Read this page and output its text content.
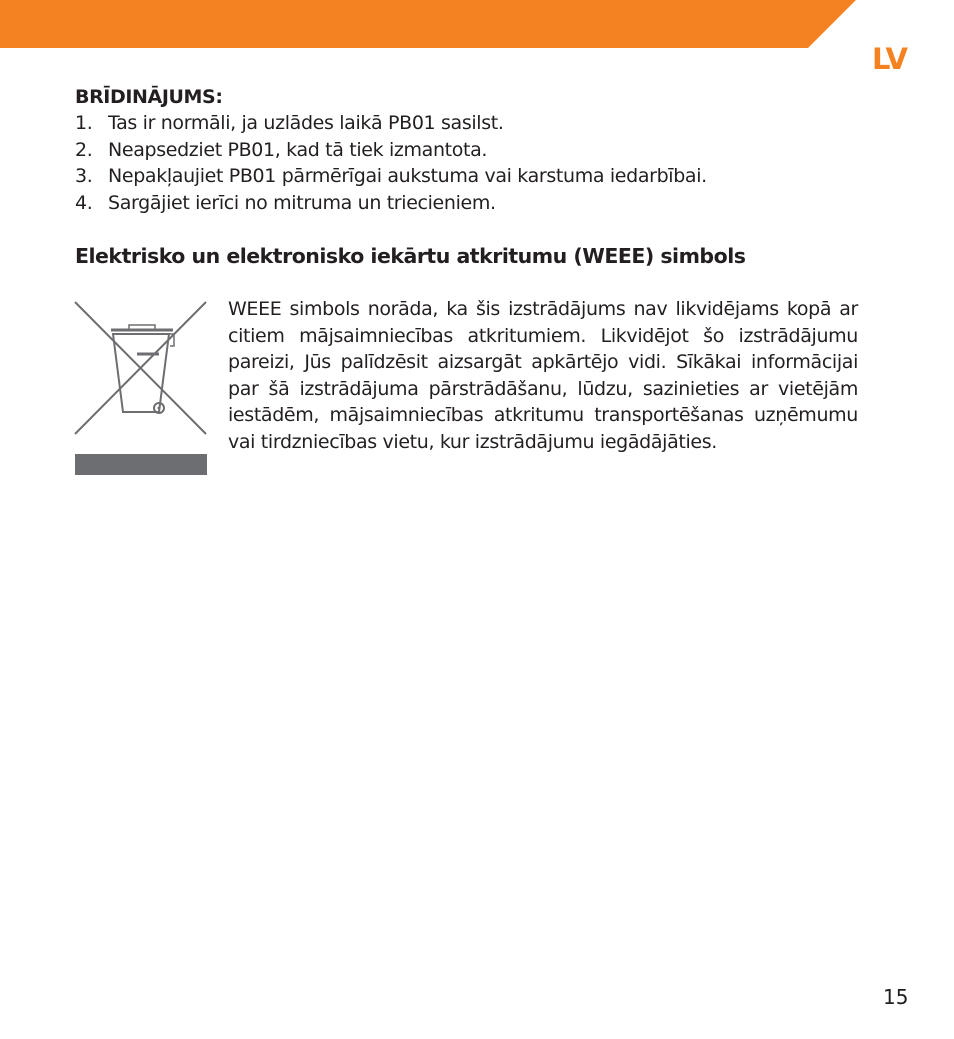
LV
BRĪDINĀJUMS:
1. Tas ir normāli, ja uzlādes laikā PB01 sasilst.
2. Neapsedziet PB01, kad tā tiek izmantota.
3. Nepakļaujiet PB01 pārmērīgai aukstuma vai karstuma iedarbībai.
4. Sargājiet ierīci no mitruma un triecieniem.
Elektrisko un elektronisko iekārtu atkritumu (WEEE) simbols

WEEE simbols norāda, ka šis izstrādājums nav likvidējams kopā ar citiem mājsaimniecības atkritumiem. Likvidējot šo izstrādājumu pareizi, Jūs palīdzēsit aizsargāt apkārtējo vidi. Sīkākai informācijai par šā izstrādājuma pārstrādāšanu, lūdzu, sazinieties ar vietējām iestādēm, mājsaimniecības atkritumu transportēšanas uzņēmumu vai tirdzniecības vietu, kur izstrādājumu iegādājāties.

15
